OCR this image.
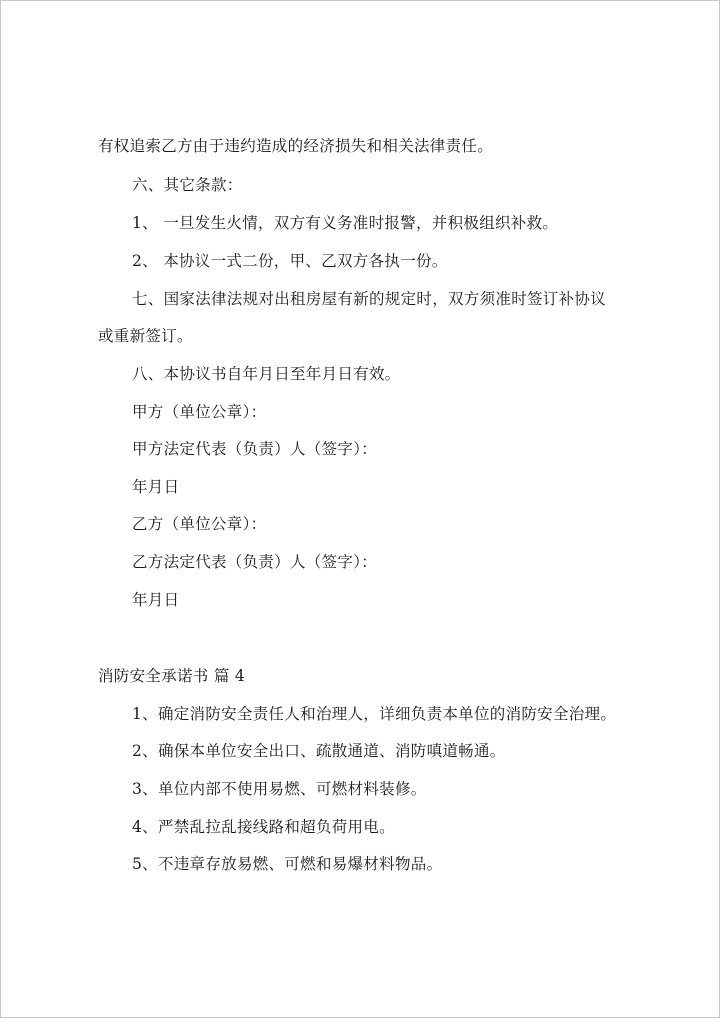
有权追索乙方由于违约造成的经济损失和相关法律责任。
六、其它条款：
1、 一旦发生火情，双方有义务准时报警，并积极组织补救。
2、 本协议一式二份，甲、乙双方各执一份。
七、国家法律法规对出租房屋有新的规定时，双方须准时签订补协议
或重新签订。
八、本协议书自年月日至年月日有效。
甲方（单位公章）：
甲方法定代表（负责）人（签字）：
年月日
乙方（单位公章）：
乙方法定代表（负责）人（签字）：
年月日
消防安全承诺书 篇 4
1、确定消防安全责任人和治理人，详细负责本单位的消防安全治理。
2、确保本单位安全出口、疏散通道、消防嗔道畅通。
3、单位内部不使用易燃、可燃材料装修。
4、严禁乱拉乱接线路和超负荷用电。
5、不违章存放易燃、可燃和易爆材料物品。
